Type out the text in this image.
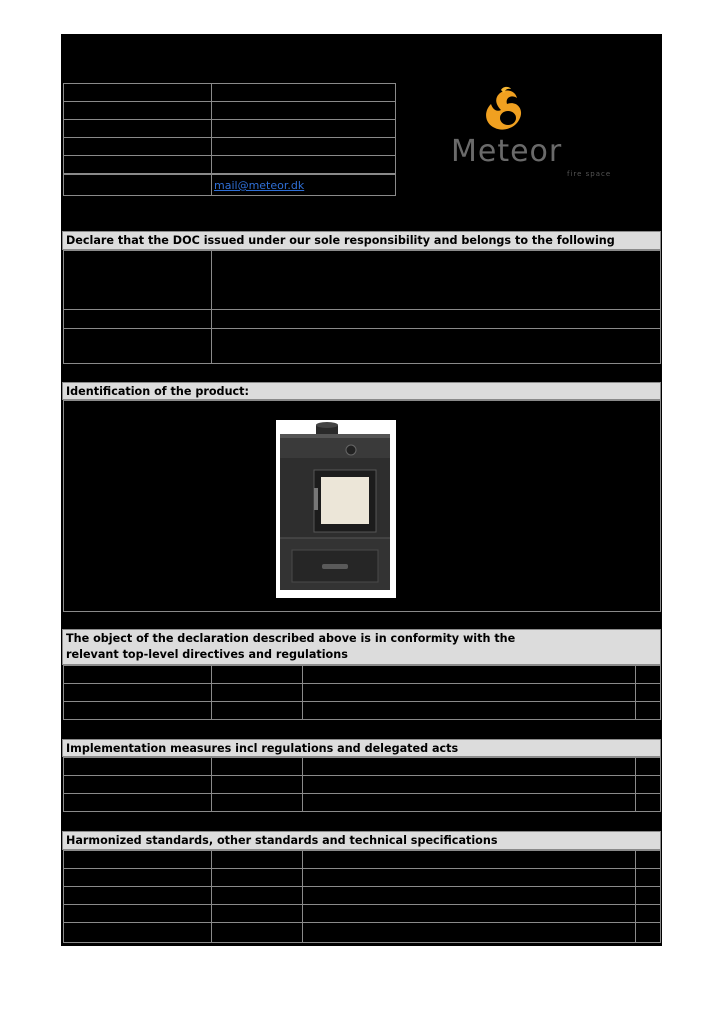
mail@meteor.dk
Meteor
fire space
Declare that the DOC issued under our sole responsibility and belongs to the following
Identification of the product:
The object of the declaration described above is in conformity with the relevant top-level directives and regulations
Implementation measures incl regulations and delegated acts
Harmonized standards, other standards and technical specifications
